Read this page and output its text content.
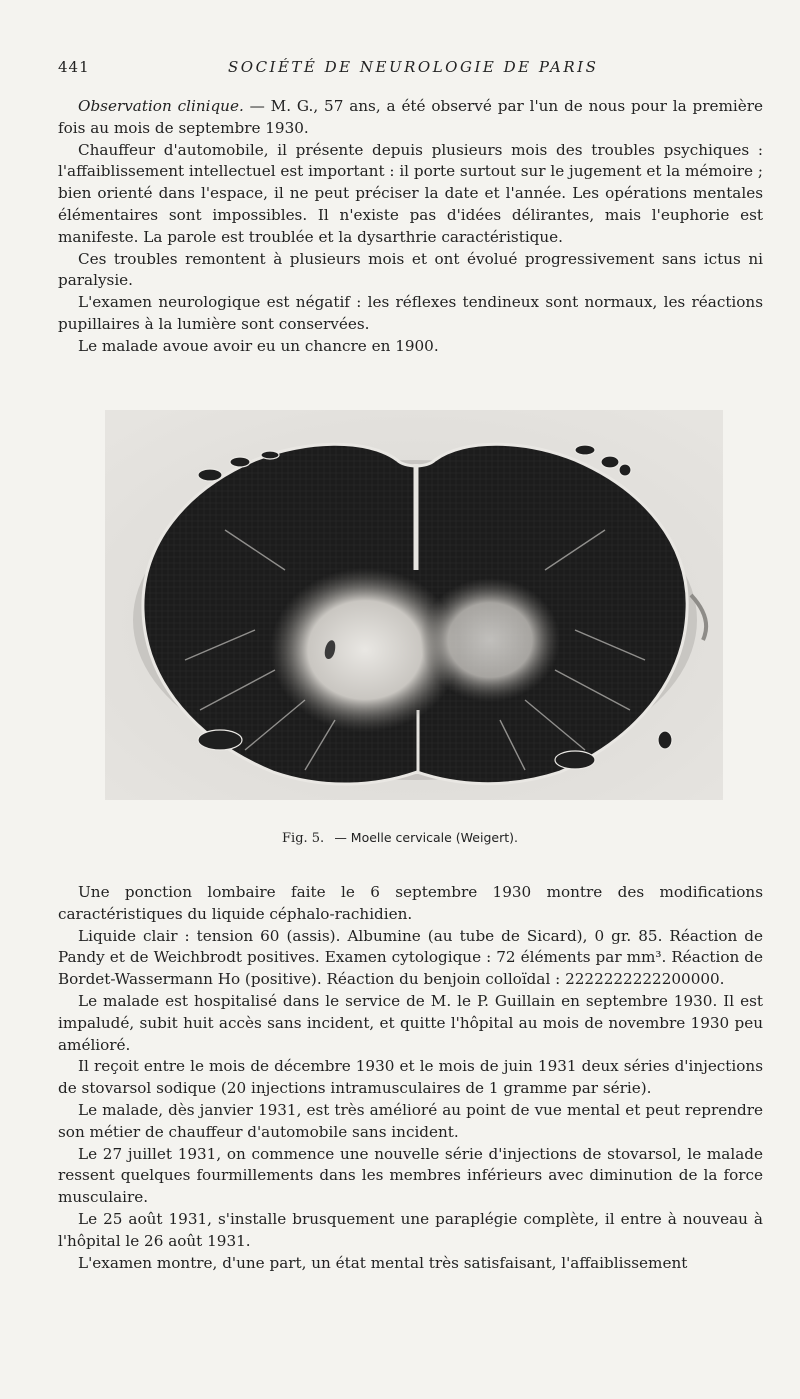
441	SOCIÉTÉ DE NEUROLOGIE DE PARIS

Observation clinique. — M. G., 57 ans, a été observé par l'un de nous pour la première fois au mois de septembre 1930.

Chauffeur d'automobile, il présente depuis plusieurs mois des troubles psychiques : l'affaiblissement intellectuel est important : il porte surtout sur le jugement et la mémoire ; bien orienté dans l'espace, il ne peut préciser la date et l'année. Les opérations mentales élémentaires sont impossibles. Il n'existe pas d'idées délirantes, mais l'euphorie est manifeste. La parole est troublée et la dysarthrie caractéristique.

Ces troubles remontent à plusieurs mois et ont évolué progressivement sans ictus ni paralysie.

L'examen neurologique est négatif : les réflexes tendineux sont normaux, les réactions pupillaires à la lumière sont conservées.

Le malade avoue avoir eu un chancre en 1900.

Fig. 5. — Moelle cervicale (Weigert).

Une ponction lombaire faite le 6 septembre 1930 montre des modifications caractéristiques du liquide céphalo-rachidien.

Liquide clair : tension 60 (assis). Albumine (au tube de Sicard), 0 gr. 85. Réaction de Pandy et de Weichbrodt positives. Examen cytologique : 72 éléments par mm³. Réaction de Bordet-Wassermann Ho (positive). Réaction du benjoin colloïdal : 2222222222200000.

Le malade est hospitalisé dans le service de M. le P. Guillain en septembre 1930. Il est impaludé, subit huit accès sans incident, et quitte l'hôpital au mois de novembre 1930 peu amélioré.

Il reçoit entre le mois de décembre 1930 et le mois de juin 1931 deux séries d'injections de stovarsol sodique (20 injections intramusculaires de 1 gramme par série).

Le malade, dès janvier 1931, est très amélioré au point de vue mental et peut reprendre son métier de chauffeur d'automobile sans incident.

Le 27 juillet 1931, on commence une nouvelle série d'injections de stovarsol, le malade ressent quelques fourmillements dans les membres inférieurs avec diminution de la force musculaire.

Le 25 août 1931, s'installe brusquement une paraplégie complète, il entre à nouveau à l'hôpital le 26 août 1931.

L'examen montre, d'une part, un état mental très satisfaisant, l'affaiblissement
